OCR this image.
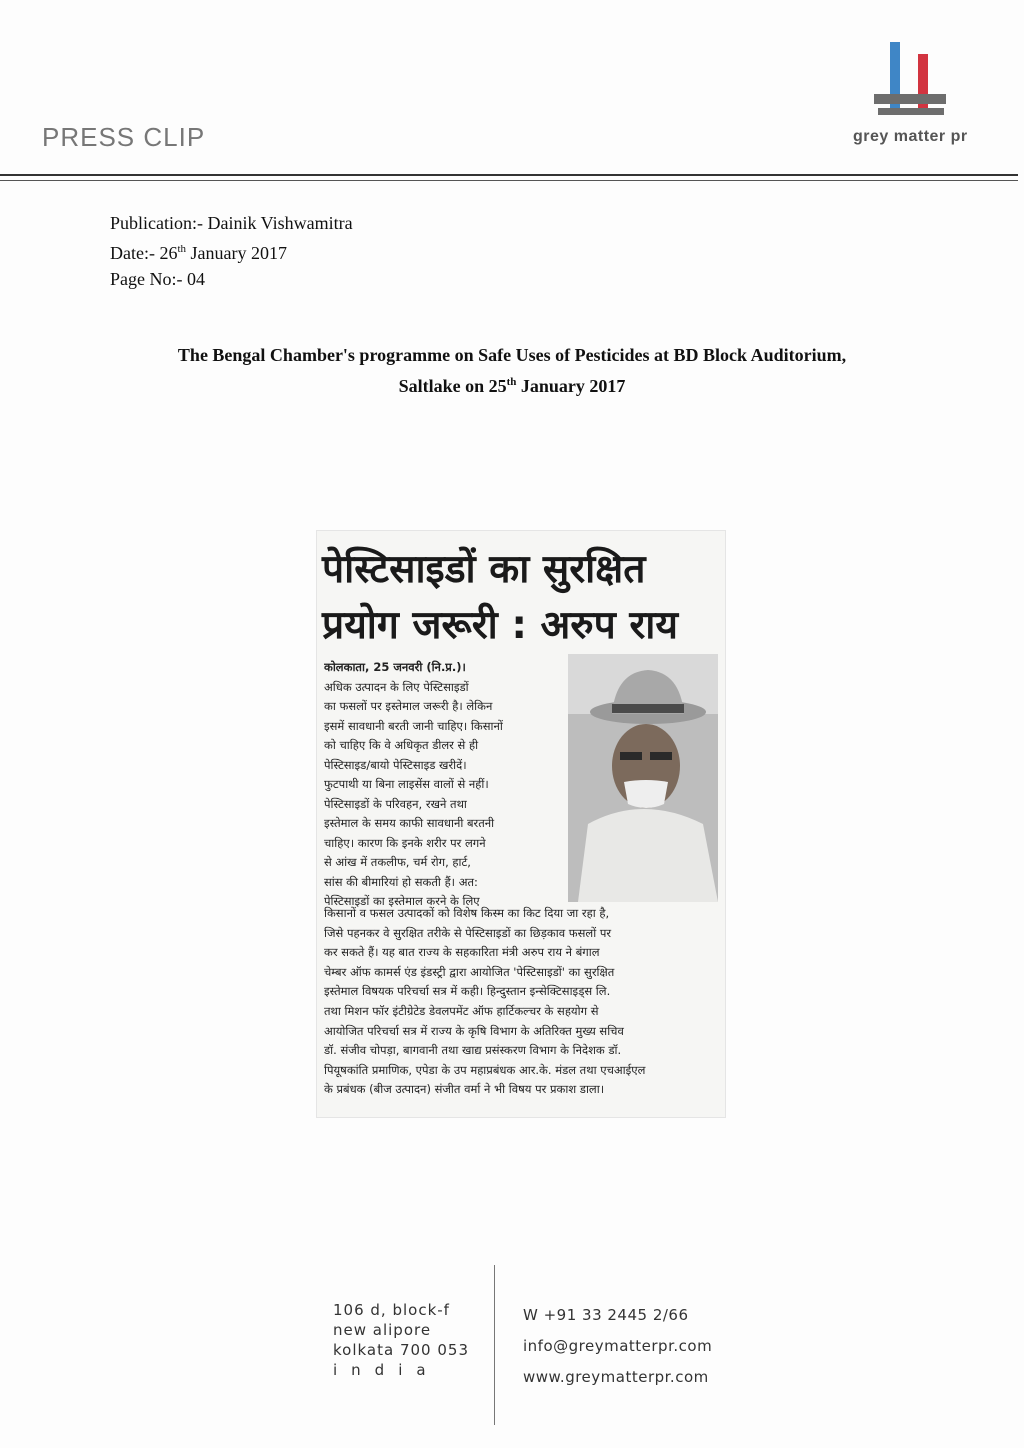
PRESS CLIP	grey matter pr
Publication:- Dainik Vishwamitra
Date:- 26th January 2017
Page No:- 04
The Bengal Chamber's programme on Safe Uses of Pesticides at BD Block Auditorium,
Saltlake on 25th January 2017
पेस्टिसाइडों का सुरक्षित
प्रयोग जरूरी : अरुप राय

कोलकाता, 25 जनवरी (नि.प्र.)।

अधिक उत्पादन के लिए पेस्टिसाइडों

का फसलों पर इस्तेमाल जरूरी है। लेकिन

इसमें सावधानी बरती जानी चाहिए। किसानों

को चाहिए कि वे अधिकृत डीलर से ही

पेस्टिसाइड/बायो पेस्टिसाइड खरीदें।

फुटपाथी या बिना लाइसेंस वालों से नहीं।

पेस्टिसाइडों के परिवहन, रखने तथा

इस्तेमाल के समय काफी सावधानी बरतनी

चाहिए। कारण कि इनके शरीर पर लगने

से आंख में तकलीफ, चर्म रोग, हार्ट,

सांस की बीमारियां हो सकती हैं। अत:

पेस्टिसाइडों का इस्तेमाल करने के लिए

किसानों व फसल उत्पादकों को विशेष किस्म का किट दिया जा रहा है,

जिसे पहनकर वे सुरक्षित तरीके से पेस्टिसाइडों का छिड़काव फसलों पर

कर सकते हैं। यह बात राज्य के सहकारिता मंत्री अरुप राय ने बंगाल

चेम्बर ऑफ कामर्स एंड इंडस्ट्री द्वारा आयोजित 'पेस्टिसाइडों' का सुरक्षित

इस्तेमाल विषयक परिचर्चा सत्र में कही। हिन्दुस्तान इन्सेक्टिसाइड्स लि.

तथा मिशन फॉर इंटीग्रेटेड डेवलपमेंट ऑफ हार्टिकल्चर के सहयोग से

आयोजित परिचर्चा सत्र में राज्य के कृषि विभाग के अतिरिक्त मुख्य सचिव

डॉ. संजीव चोपड़ा, बागवानी तथा खाद्य प्रसंस्करण विभाग के निदेशक डॉ.

पियूषकांति प्रमाणिक, एपेडा के उप महाप्रबंधक आर.के. मंडल तथा एचआईएल

के प्रबंधक (बीज उत्पादन) संजीत वर्मा ने भी विषय पर प्रकाश डाला।

106 d, block-f
new alipore
kolkata 700 053
india
W +91 33 2445 2/66
info@greymatterpr.com
www.greymatterpr.com
